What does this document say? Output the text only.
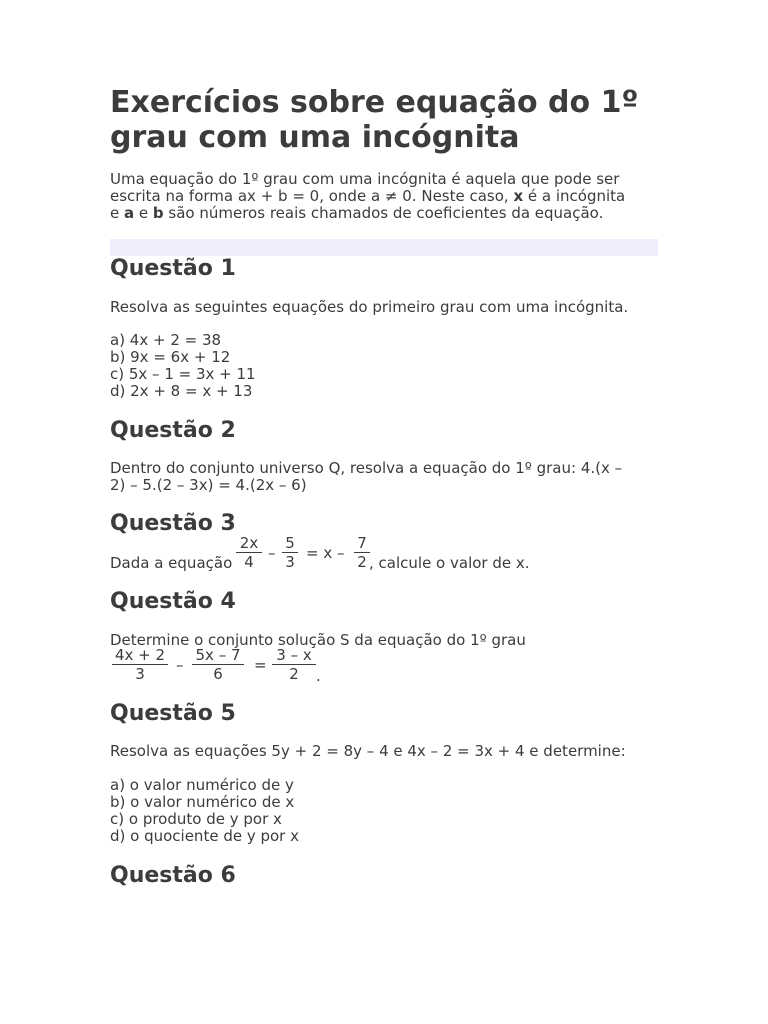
Exercícios sobre equação do 1º grau com uma incógnita

Uma equação do 1º grau com uma incógnita é aquela que pode ser

escrita na forma ax + b = 0, onde a ≠ 0. Neste caso, x é a incógnita

e a e b são números reais chamados de coeficientes da equação.

Questão 1

Resolva as seguintes equações do primeiro grau com uma incógnita.

a) 4x + 2 = 38

b) 9x = 6x + 12

c) 5x – 1 = 3x + 11

d) 2x + 8 = x + 13

Questão 2

Dentro do conjunto universo Q, resolva a equação do 1º grau: 4.(x –

2) – 5.(2 – 3x) = 4.(2x – 6)

Questão 3

Dada a equação

2x
4 –
5
3 = x –
7
2 , calcule o valor de x.

Questão 4

Determine o conjunto solução S da equação do 1º grau

4x + 2
3	–
5x – 7
6	=
3 – x
2	.
Questão 5

Resolva as equações 5y + 2 = 8y – 4 e 4x – 2 = 3x + 4 e determine:

a) o valor numérico de y

b) o valor numérico de x

c) o produto de y por x

d) o quociente de y por x

Questão 6
